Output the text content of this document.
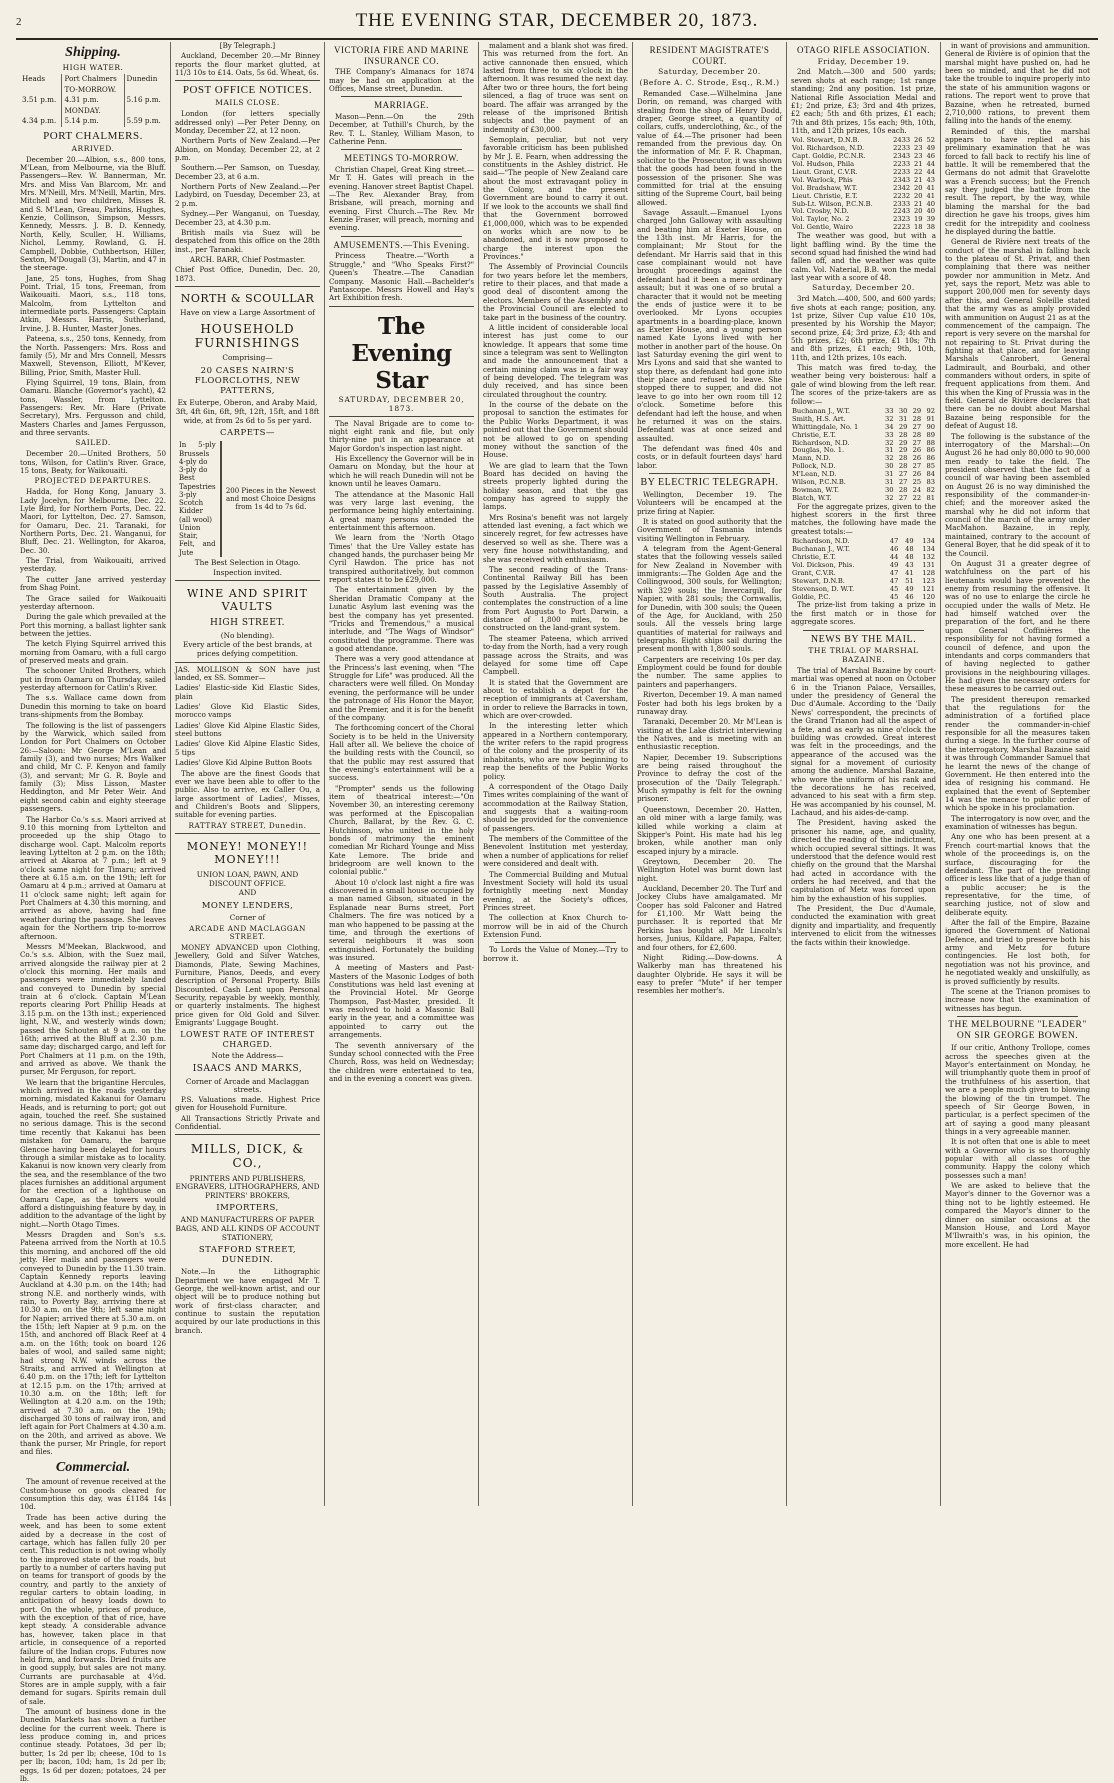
2	THE EVENING STAR, DECEMBER 20, 1873.
Shipping.
HIGH WATER.
Heads	Port Chalmers	Dunedin
	TO-MORROW.	
3.51 p.m.	4.31 p.m.	5.16 p.m.
	MONDAY.	
4.34 p.m.	5.14 p.m.	5.59 p.m.
PORT CHALMERS.
ARRIVED.

December 20.—Albion, s.s., 800 tons, M'Lean, from Melbourne, via the Bluff. Passengers—Rev. W. Bannerman, Mr. Mrs. and Miss Van Blarcom, Mr. and Mrs. M'Neill, Mrs. M'Neill, Martin, Mrs. Mitchell and two children, Misses R. and S. M'Lean, Greau, Parkins, Hughes, Kenzie, Collinson, Simpson, Messrs. Kennedy, Messrs. J. B. D. Kennedy, North, Kelly, Sculler, H. Williams, Nichol, Lemmy, Rowland, G. H. Campbell, Dobbie, Cuthbertson, Hiller, Sexton, M'Dougall (3), Martin, and 47 in the steerage.

Jane, 25 tons, Hughes, from Shag Point. Trial, 15 tons, Freeman, from Waikouaiti. Maori, s.s., 118 tons, Malcolm, from Lyttelton and intermediate ports. Passengers: Captain Atkin, Messrs. Harris, Sutherland, Irvine, J. B. Hunter, Master Jones.

Pateena, s.s., 250 tons, Kennedy, from the North. Passengers: Mrs. Ross and family (5), Mr and Mrs Connell, Messrs Maxwell, Stevenson, Elliott, M'Kever, Billing, Prior, Smith, Master Hull.

Flying Squirrel, 19 tons, Blain, from Oamaru. Blanche (Governor's yacht), 42 tons, Wassler, from Lyttelton. Passengers: Rev. Mr. Hare (Private Secretary), Mrs. Fergusson and child, Masters Charles and James Fergusson, and three servants.

SAILED.

December 20.—United Brothers, 50 tons, Wilson, for Catlin's River. Grace, 15 tons, Beaty, for Waikouaiti.

PROJECTED DEPARTURES.

Hadda, for Hong Kong, January 3. Lady Jocelyn, for Melbourne, Dec. 22. Lyle Bird, for Northern Ports, Dec. 22. Maori, for Lyttelton, Dec. 27. Samson, for Oamaru, Dec. 21. Taranaki, for Northern Ports, Dec. 21. Wanganui, for Bluff, Dec. 21. Wellington, for Akaroa, Dec. 30.

The Trial, from Waikouaiti, arrived yesterday.

The cutter Jane arrived yesterday from Shag Point.

The Grace sailed for Waikouaiti yesterday afternoon.

During the gale which prevailed at the Port this morning, a ballast lighter sank between the jetties.

The ketch Flying Squirrel arrived this morning from Oamaru, with a full cargo of preserved meats and grain.

The schooner United Brothers, which put in from Oamaru on Thursday, sailed yesterday afternoon for Catlin's River.

The s.s. Wallace came down from Dunedin this morning to take on board trans-shipments from the Bombay.

The following is the list of passengers by the Warwick, which sailed from London for Port Chalmers on October 26:—Saloon: Mr George M'Lean and family (3), and two nurses; Mrs Walker and child, Mr C. F. Kenyon and family (3), and servant; Mr G. R. Boyle and family (3); Miss Lisson, Master Heddington, and Mr Peter Weir. And eight second cabin and eighty steerage passengers.

The Harbor Co.'s s.s. Maori arrived at 9.10 this morning from Lyttelton and proceeded up the ship Otago to discharge wool. Capt. Malcolm reports leaving Lyttelton at 2 p.m. on the 18th; arrived at Akaroa at 7 p.m.; left at 9 o'clock same night for Timaru; arrived there at 6.15 a.m. on the 19th; left for Oamaru at 4 p.m.; arrived at Oamaru at 11 o'clock same night; left again for Port Chalmers at 4.30 this morning, and arrived as above, having had fine weather during the passage. She leaves again for the Northern trip to-morrow afternoon.

Messrs M'Meekan, Blackwood, and Co.'s s.s. Albion, with the Suez mail, arrived alongside the railway pier at 2 o'clock this morning. Her mails and passengers were immediately landed and conveyed to Dunedin by special train at 6 o'clock. Captain M'Lean reports clearing Port Phillip Heads at 3.15 p.m. on the 13th inst.; experienced light, N.W., and westerly winds down; passed the Schouten at 9 a.m. on the 16th; arrived at the Bluff at 2.30 p.m. same day; discharged cargo, and left for Port Chalmers at 11 p.m. on the 19th, and arrived as above. We thank the purser, Mr Ferguson, for report.

We learn that the brigantine Hercules, which arrived in the roads yesterday morning, misdated Kakanui for Oamaru Heads, and is returning to port; got out again, touched the reef. She sustained no serious damage. This is the second time recently that Kakanui has been mistaken for Oamaru, the barque Glencoe having been delayed for hours through a similar mistake as to locality. Kakanui is now known very clearly from the sea, and the resemblance of the two places furnishes an additional argument for the erection of a lighthouse on Oamaru Cape, as the towers would afford a distinguishing feature by day, in addition to the advantage of the light by night.—North Otago Times.

Messrs Dragden and Son's s.s. Pateena arrived from the North at 10.5 this morning, and anchored off the old jetty. Her mails and passengers were conveyed to Dunedin by the 11.30 train. Captain Kennedy reports leaving Auckland at 4.30 p.m. on the 14th; had strong N.E. and northerly winds, with rain, to Poverty Bay, arriving there at 10.30 a.m. on the 9th; left same night for Napier; arrived there at 5.30 a.m. on the 15th; left Napier at 9 p.m. on the 15th, and anchored off Black Reef at 4 a.m. on the 16th; took on board 126 bales of wool, and sailed same night; had strong N.W. winds across the Straits, and arrived at Wellington at 6.40 p.m. on the 17th; left for Lyttelton at 12.15 p.m. on the 17th; arrived at 10.30 a.m. on the 18th; left for Wellington at 4.20 a.m. on the 19th; arrived at 7.30 a.m. on the 19th; discharged 30 tons of railway iron, and left again for Port Chalmers at 4.30 a.m. on the 20th, and arrived as above. We thank the purser, Mr Pringle, for report and files.

Commercial.

The amount of revenue received at the Custom-house on goods cleared for consumption this day, was £1184 14s 10d.

Trade has been active during the week, and has been to some extent aided by a decrease in the cost of cartage, which has fallen fully 20 per cent. This reduction is not owing wholly to the improved state of the roads, but partly to a number of carters having put on teams for transport of goods by the country, and partly to the anxiety of regular carters to obtain loading, in anticipation of heavy loads down to port. On the whole, prices of produce, with the exception of that of rice, have kept steady. A considerable advance has, however, taken place in that article, in consequence of a reported failure of the Indian crops. Futures now held firm, and forwards. Dried fruits are in good supply, but sales are not many. Currants are purchasable at 4½d. Stores are in ample supply, with a fair demand for sugars. Spirits remain dull of sale.

The amount of business done in the Dunedin Markets has shown a further decline for the current week. There is less produce coming in, and prices continue steady. Potatoes, 3d per lb; butter, 1s 2d per lb; cheese, 10d to 1s per lb; bacon, 10d; ham, 1s 2d per lb; eggs, 1s 6d per dozen; potatoes, 24 per lb.

[By Telegraph.]

Auckland, December 20.—Mr Binney reports the flour market glutted, at 11/3 10s to £14. Oats, 5s 6d. Wheat, 6s.

POST OFFICE NOTICES.
MAILS CLOSE.

London (for letters specially addressed only) —Per Peter Denny, on Monday, December 22, at 12 noon.

Northern Ports of New Zealand.—Per Albion, on Monday, December 22, at 2 p.m.

Southern.—Per Samson, on Tuesday, December 23, at 6 a.m.

Northern Ports of New Zealand.—Per Ladybird, on Tuesday, December 23, at 2 p.m.

Sydney.—Per Wanganui, on Tuesday, December 23, at 4.30 p.m.

British mails via Suez will be despatched from this office on the 28th inst., per Taranaki.

ARCH. BARR, Chief Postmaster.

Chief Post Office, Dunedin, Dec. 20, 1873.

NORTH & SCOULLAR
Have on view a Large Assortment of
HOUSEHOLD FURNISHINGS
Comprising—
20 CASES NAIRN'S FLOORCLOTHS, NEW PATTERNS,
Ex Euterpe, Oberon, and Araby Maid,
3ft, 4ft 6in, 6ft, 9ft, 12ft, 15ft, and 18ft wide, at from 2s 6d to 5s per yard.
CARPETS—
In 5-ply Brussels
4-ply do
3-ply do
Best Tapestries
3-ply Scotch
Kidder (all wool)
Union
Stair, Felt, and Jute
200 Pieces in the Newest and most Choice Designs from 1s 4d to 7s 6d.
The Best Selection in Otago.
Inspection invited.
WINE AND SPIRIT VAULTS
HIGH STREET.
(No blending).
Every article of the best brands, at prices defying competition.

JAS. MOLLISON & SON have just landed, ex SS. Sommer—

Ladies' Elastic-side Kid Elastic Sides, plain

Ladies' Glove Kid Elastic Sides, morocco vamps

Ladies' Glove Kid Alpine Elastic Sides, steel buttons

Ladies' Glove Kid Alpine Elastic Sides, 5 tips

Ladies' Glove Kid Alpine Button Boots

The above are the finest Goods that ever we have been able to offer to the public. Also to arrive, ex Caller Ou, a large assortment of Ladies', Misses, and Children's Boots and Slippers, suitable for evening parties.

RATTRAY STREET, Dunedin.
MONEY! MONEY!! MONEY!!!
UNION LOAN, PAWN, AND DISCOUNT OFFICE.
AND
MONEY LENDERS,
Corner of
ARCADE AND MACLAGGAN STREET.

MONEY ADVANCED upon Clothing, Jewellery, Gold and Silver Watches, Diamonds, Plate, Sewing Machines, Furniture, Pianos, Deeds, and every description of Personal Property. Bills Discounted. Cash Lent upon Personal Security, repayable by weekly, monthly, or quarterly instalments. The highest price given for Old Gold and Silver. Emigrants' Luggage Bought.

LOWEST RATE OF INTEREST CHARGED.
Note the Address—
ISAACS AND MARKS,
Corner of Arcade and Maclaggan streets.

P.S. Valuations made. Highest Price given for Household Furniture.

All Transactions Strictly Private and Confidential.

MILLS, DICK, & CO.,
PRINTERS AND PUBLISHERS, ENGRAVERS, LITHOGRAPHERS, AND PRINTERS' BROKERS,
IMPORTERS,
AND MANUFACTURERS OF PAPER BAGS, AND ALL KINDS OF ACCOUNT STATIONERY,
STAFFORD STREET, DUNEDIN.

Note.—In the Lithographic Department we have engaged Mr T. George, the well-known artist, and our object will be to produce nothing but work of first-class character, and continue to sustain the reputation acquired by our late productions in this branch.

VICTORIA FIRE AND MARINE INSURANCE CO.

THE Company's Almanacs for 1874 may be had on application at the Offices, Manse street, Dunedin.

MARRIAGE.

Mason—Penn.—On the 29th December, at Tuthill's Church, by the Rev. T. L. Stanley, William Mason, to Catherine Penn.

MEETINGS TO-MORROW.

Christian Chapel, Great King street.—Mr T. H. Gates will preach in the evening. Hanover street Baptist Chapel.—The Rev. Alexander Bray, from Brisbane, will preach, morning and evening. First Church.—The Rev. Mr Kenzie Fraser, will preach, morning and evening.

AMUSEMENTS.—This Evening.

Princess Theatre.—"Worth a Struggle," and "Who Speaks First?" Queen's Theatre.—The Canadian Company. Masonic Hall.—Bachelder's Pantascope. Messrs Howell and Hay's Art Exhibition fresh.

The Evening Star
SATURDAY, DECEMBER 20, 1873.

The Naval Brigade are to come to-night eight rank and file, but only thirty-nine put in an appearance at Major Gordon's inspection last night.

His Excellency the Governor will be in Oamaru on Monday, but the hour at which he will reach Dunedin will not be known until he leaves Oamaru.

The attendance at the Masonic Hall was very large last evening, the performance being highly entertaining. A great many persons attended the entertainment this afternoon.

We learn from the 'North Otago Times' that the Ure Valley estate has changed hands, the purchaser being Mr Cyril Hawdon. The price has not transpired authoritatively, but common report states it to be £29,000.

The entertainment given by the Sheridan Dramatic Company at the Lunatic Asylum last evening was the best the company has yet presented. "Tricks and Tremendous," a musical interlude, and "The Wags of Windsor" constituted the programme. There was a good attendance.

There was a very good attendance at the Princess's last evening, when "The Struggle for Life" was produced. All the characters were well filled. On Monday evening, the performance will be under the patronage of His Honor the Mayor, and the Premier, and it is for the benefit of the company.

The forthcoming concert of the Choral Society is to be held in the University Hall after all. We believe the choice of the building rests with the Council, so that the public may rest assured that the evening's entertainment will be a success.

"Prompter" sends us the following item of theatrical interest:—"On November 30, an interesting ceremony was performed at the Episcopalian Church, Ballarat, by the Rev. G. C. Hutchinson, who united in the holy bonds of matrimony the eminent comedian Mr Richard Younge and Miss Kate Lemore. The bride and bridegroom are well known to the colonial public."

About 10 o'clock last night a fire was discovered in a small house occupied by a man named Gibson, situated in the Esplanade near Burns street, Port Chalmers. The fire was noticed by a man who happened to be passing at the time, and through the exertions of several neighbours it was soon extinguished. Fortunately the building was insured.

A meeting of Masters and Past-Masters of the Masonic Lodges of both Constitutions was held last evening at the Provincial Hotel. Mr George Thompson, Past-Master, presided. It was resolved to hold a Masonic Ball early in the year, and a committee was appointed to carry out the arrangements.

The seventh anniversary of the Sunday school connected with the Free Church, Ross, was held on Wednesday; the children were entertained to tea, and in the evening a concert was given.

malament and a blank shot was fired. This was returned from the fort. An active cannonade then ensued, which lasted from three to six o'clock in the afternoon. It was resumed the next day. After two or three hours, the fort being silenced, a flag of truce was sent on board. The affair was arranged by the release of the imprisoned British subjects and the payment of an indemnity of £30,000.

Semoplain, peculiar, but not very favorable criticism has been published by Mr J. E. Fearn, when addressing the constituents in the Ashley district. He said—"The people of New Zealand care about the most extravagant policy in the Colony, and the present Government are bound to carry it out. If we look to the accounts we shall find that the Government borrowed £1,000,000, which was to be expended on works which are now to be abandoned, and it is now proposed to charge the interest upon the Provinces."

The Assembly of Provincial Councils for two years before let the members, retire to their places, and that made a good deal of discontent among the electors. Members of the Assembly and the Provincial Council are elected to take part in the business of the country.

A little incident of considerable local interest has just come to our knowledge. It appears that some time since a telegram was sent to Wellington and made the announcement that a certain mining claim was in a fair way of being developed. The telegram was duly received, and has since been circulated throughout the country.

In the course of the debate on the proposal to sanction the estimates for the Public Works Department, it was pointed out that the Government should not be allowed to go on spending money without the sanction of the House.

We are glad to learn that the Town Board has decided on having the streets properly lighted during the holiday season, and that the gas company has agreed to supply the lamps.

Mrs Rosina's benefit was not largely attended last evening, a fact which we sincerely regret, for few actresses have deserved so well as she. There was a very fine house notwithstanding, and she was received with enthusiasm.

The second reading of the Trans-Continental Railway Bill has been passed by the Legislative Assembly of South Australia. The project contemplates the construction of a line from Port Augusta to Port Darwin, a distance of 1,800 miles, to be constructed on the land-grant system.

The steamer Pateena, which arrived to-day from the North, had a very rough passage across the Straits, and was delayed for some time off Cape Campbell.

It is stated that the Government are about to establish a depot for the reception of immigrants at Caversham, in order to relieve the Barracks in town, which are over-crowded.

In the interesting letter which appeared in a Northern contemporary, the writer refers to the rapid progress of the colony and the prosperity of its inhabitants, who are now beginning to reap the benefits of the Public Works policy.

A correspondent of the Otago Daily Times writes complaining of the want of accommodation at the Railway Station, and suggests that a waiting-room should be provided for the convenience of passengers.

The members of the Committee of the Benevolent Institution met yesterday, when a number of applications for relief were considered and dealt with.

The Commercial Building and Mutual Investment Society will hold its usual fortnightly meeting next Monday evening, at the Society's offices, Princes street.

The collection at Knox Church to-morrow will be in aid of the Church Extension Fund.

To Lords the Value of Money.—Try to borrow it.

RESIDENT MAGISTRATE'S COURT.
Saturday, December 20.
(Before A. C. Strode, Esq., R.M.)

Remanded Case.—Wilhelmina Jane Dorin, on remand, was charged with stealing from the shop of Henry Dodd, draper, George street, a quantity of collars, cuffs, underclothing, &c., of the value of £4.—The prisoner had been remanded from the previous day. On the information of Mr. F. R. Chapman, solicitor to the Prosecutor, it was shown that the goods had been found in the possession of the prisoner. She was committed for trial at the ensuing sitting of the Supreme Court, bail being allowed.

Savage Assault.—Emanuel Lyons charged John Galloway with assaulting and beating him at Exeter House, on the 13th inst. Mr Harris, for the complainant; Mr Stout for the defendant. Mr Harris said that in this case complainant would not have brought proceedings against the defendant had it been a mere ordinary assault; but it was one of so brutal a character that it would not be meeting the ends of justice were it to be overlooked. Mr Lyons occupies apartments in a boarding-place, known as Exeter House, and a young person named Kate Lyons lived with her mother in another part of the house. On last Saturday evening the girl went to Mrs Lyons and said that she wanted to stop there, as defendant had gone into their place and refused to leave. She stopped there to supper, and did not leave to go into her own room till 12 o'clock. Sometime before this defendant had left the house, and when he returned it was on the stairs. Defendant was at once seized and assaulted.

The defendant was fined 40s and costs, or in default fourteen days' hard labor.

BY ELECTRIC TELEGRAPH.

Wellington, December 19. The Volunteers will be encamped at the prize firing at Napier.

It is stated on good authority that the Government of Tasmania intends visiting Wellington in February.

A telegram from the Agent-General states that the following vessels sailed for New Zealand in November with immigrants:—The Golden Age and the Collingwood, 300 souls, for Wellington; with 329 souls; the Invercargill, for Napier, with 281 souls; the Cornwallis, for Dunedin, with 300 souls; the Queen of the Age, for Auckland, with 250 souls. All the vessels bring large quantities of material for railways and telegraphs. Eight ships sail during the present month with 1,800 souls.

Carpenters are receiving 10s per day. Employment could be found for double the number. The same applies to painters and paperhangers.

Riverton, December 19. A man named Foster had both his legs broken by a runaway dray.

Taranaki, December 20. Mr M'Lean is visiting at the Lake district interviewing the Natives, and is meeting with an enthusiastic reception.

Napier, December 19. Subscriptions are being raised throughout the Province to defray the cost of the prosecution of the 'Daily Telegraph.' Much sympathy is felt for the owning prisoner.

Queenstown, December 20. Hatten, an old miner with a large family, was killed while working a claim at Skipper's Point. His mate had his leg broken, while another man only escaped injury by a miracle.

Greytown, December 20. The Wellington Hotel was burnt down last night.

Auckland, December 20. The Turf and Jockey Clubs have amalgamated. Mr Cooper has sold Falconer and Hatred for £1,100. Mr Watt being the purchaser. It is reported that Mr Perkins has bought all Mr Lincoln's horses, Junius, Kildare, Papapa, Falter, and four others, for £2,600.

Night Riding.—Dow-downs. A Walkerby man has threatened his daughter Olybride. He says it will be easy to prefer "Mute" if her temper resembles her mother's.

OTAGO RIFLE ASSOCIATION.
Friday, December 19.

2nd Match.—300 and 500 yards; seven shots at each range; 1st range standing; 2nd any position. 1st prize, National Rifle Association Medal and £1; 2nd prize, £3; 3rd and 4th prizes, £2 each; 5th and 6th prizes, £1 each; 7th and 8th prizes, 15s each; 9th, 10th, 11th, and 12th prizes, 10s each.

Vol. Stewart, D.N.B.	2433	26	52
Vol. Richardson, N.D.	2233	23	49
Capt. Goldie, P.C.N.R.	2343	23	46
Vol. Hudson, Phila	2233	21	44
Lieut. Grant, C.V.R.	2233	22	44
Vol. Warlock, Phis	2343	21	43
Vol. Bradshaw, W.T.	2342	20	41
Lieut. Christie, E.T.	2232	20	41
Sub-Lt. Wilson, P.C.N.B.	2333	21	40
Vol. Crosby, N.D.	2243	20	40
Vol. Taylor, No. 2	2323	19	39
Vol. Gentle, Wairo	2223	18	38

The weather was good, but with a light baffling wind. By the time the second squad had finished the wind had fallen off, and the weather was quite calm. Vol. Naterial, B.B. won the medal last year with a score of 48.

Saturday, December 20.

3rd Match.—400, 500, and 600 yards; five shots at each range; position, any. 1st prize, Silver Cup value £10 10s, presented by his Worship the Mayor; second prize, £4; 3rd prize, £3; 4th and 5th prizes, £2; 6th prize, £1 10s; 7th and 8th prizes, £1 each; 9th, 10th, 11th, and 12th prizes, 10s each.

This match was fired to-day, the weather being very boisterous: half a gale of wind blowing from the left rear. The scores of the prize-takers are as follow:—

Buchanan J., W.T.	33	30	29	92
Smith, H.S. Art.	32	31	28	91
Whittingdale, No. 1	34	29	27	90
Christie, E.T.	33	28	28	89
Richardson, N.D.	32	29	27	88
Douglas, No. 1.	31	29	26	86
Mann, N.D.	32	28	26	86
Pollock, N.D.	30	28	27	85
M'Lean, N.D.	31	27	26	84
Wilson, P.C.N.B.	31	27	25	83
Bowman, W.T.	30	28	24	82
Blatch, W.T.	32	27	22	81

For the aggregate prizes, given to the highest scorers in the first three matches, the following have made the greatest totals:—

Richardson, N.D.	47	49	134
Buchanan J., W.T.	46	48	134
Christie, E.T.	44	48	132
Vol. Dickson, Phis.	49	43	131
Grant, C.V.R.	47	41	128
Stewart, D.N.B.	47	51	123
Stevenson, D. W.T.	45	49	121
Goldie, P.C.	45	46	120

The prize-list from taking a prize in the first match or in those for aggregate scores.

NEWS BY THE MAIL.
THE TRIAL OF MARSHAL BAZAINE.

The trial of Marshal Bazaine by court-martial was opened at noon on October 6 in the Trianon Palace, Versailles, under the presidency of General the Duc d'Aumale. According to the 'Daily News' correspondent, the precincts of the Grand Trianon had all the aspect of a fete, and as early as nine o'clock the building was crowded. Great interest was felt in the proceedings, and the appearance of the accused was the signal for a movement of curiosity among the audience. Marshal Bazaine, who wore the uniform of his rank and the decorations he has received, advanced to his seat with a firm step. He was accompanied by his counsel, M. Lachaud, and his aides-de-camp.

The President, having asked the prisoner his name, age, and quality, directed the reading of the indictment, which occupied several sittings. It was understood that the defence would rest chiefly on the ground that the Marshal had acted in accordance with the orders he had received, and that the capitulation of Metz was forced upon him by the exhaustion of his supplies.

The President, the Duc d'Aumale, conducted the examination with great dignity and impartiality, and frequently intervened to elicit from the witnesses the facts within their knowledge.

in want of provisions and ammunition. General de Rivière is of opinion that the marshal might have pushed on, had he been so minded, and that he did not take the trouble to inquire properly into the state of his ammunition wagons or rations. The report went to prove that Bazaine, when he retreated, burned 2,710,000 rations, to prevent them falling into the hands of the enemy.

Reminded of this, the marshal appears to have replied at his preliminary examination that he was forced to fall back to rectify his line of battle. It will be remembered that the Germans do not admit that Gravelotte was a French success; but the French say they judged the battle from the result. The report, by the way, while blaming the marshal for the bad direction he gave his troops, gives him credit for the intrepidity and coolness he displayed during the battle.

General de Rivière next treats of the conduct of the marshal in falling back to the plateau of St. Privat, and then complaining that there was neither powder nor ammunition in Metz. And yet, says the report, Metz was able to support 200,000 men for seventy days after this, and General Soleille stated that the army was as amply provided with ammunition on August 21 as at the commencement of the campaign. The report is very severe on the marshal for not repairing to St. Privat during the fighting at that place, and for leaving Marshals Canrobert, General Ladmirault, and Bourbaki, and other commanders without orders, in spite of frequent applications from them. And this when the King of Prussia was in the field. General de Rivière declares that there can be no doubt about Marshal Bazaine being responsible for the defeat of August 18.

The following is the substance of the interrogatory of the Marshal:—On August 26 he had only 80,000 to 90,000 men ready to take the field. The president observed that the fact of a council of war having been assembled on August 26 is no way diminished the responsibility of the commander-in-chief; and the moreover asked the marshal why he did not inform that council of the march of the army under MacMahon. Bazaine, in reply, maintained, contrary to the account of General Boyer, that he did speak of it to the Council.

On August 31 a greater degree of watchfulness on the part of his lieutenants would have prevented the enemy from resuming the offensive. It was of no use to enlarge the circle he occupied under the walls of Metz. He had himself watched over the preparation of the fort, and he there upon General Coffinières the responsibility for not having formed a council of defence, and upon the intendants and corps commanders that of having neglected to gather provisions in the neighbouring villages. He had given the necessary orders for these measures to be carried out.

The president thereupon remarked that the regulations for the administration of a fortified place render the commander-in-chief responsible for all the measures taken during a siege. In the further course of the interrogatory, Marshal Bazaine said it was through Commander Samuel that he learnt the news of the change of Government. He then entered into the idea of resigning his command. He explained that the event of September 14 was the menace to public order of which he spoke in his proclamation.

The interrogatory is now over, and the examination of witnesses has begun.

Any one who has been present at a French court-martial knows that the whole of the proceedings is, on the surface, discouraging for the defendant. The part of the presiding officer is less like that of a judge than of a public accuser; he is the representative, for the time, of searching justice, not of slow and deliberate equity.

After the fall of the Empire, Bazaine ignored the Government of National Defence, and tried to preserve both his army and Metz for future contingencies. He lost both, for negotiation was not his province, and he negotiated weakly and unskilfully, as is proved sufficiently by results.

The scene at the Trianon promises to increase now that the examination of witnesses has begun.

THE MELBOURNE "LEADER" ON SIR GEORGE BOWEN.

If our critic, Anthony Trollope, comes across the speeches given at the Mayor's entertainment on Monday, he will triumphantly quote them in proof of the truthfulness of his assertion, that we are a people much given to blowing the blowing of the tin trumpet. The speech of Sir George Bowen, in particular, is a perfect specimen of the art of saying a good many pleasant things in a very agreeable manner.

It is not often that one is able to meet with a Governor who is so thoroughly popular with all classes of the community. Happy the colony which possesses such a man!

We are asked to believe that the Mayor's dinner to the Governor was a thing not to be lightly esteemed. He compared the Mayor's dinner to the dinner on similar occasions at the Mansion House, and Lord Mayor M'Ilwraith's was, in his opinion, the more excellent. He had
